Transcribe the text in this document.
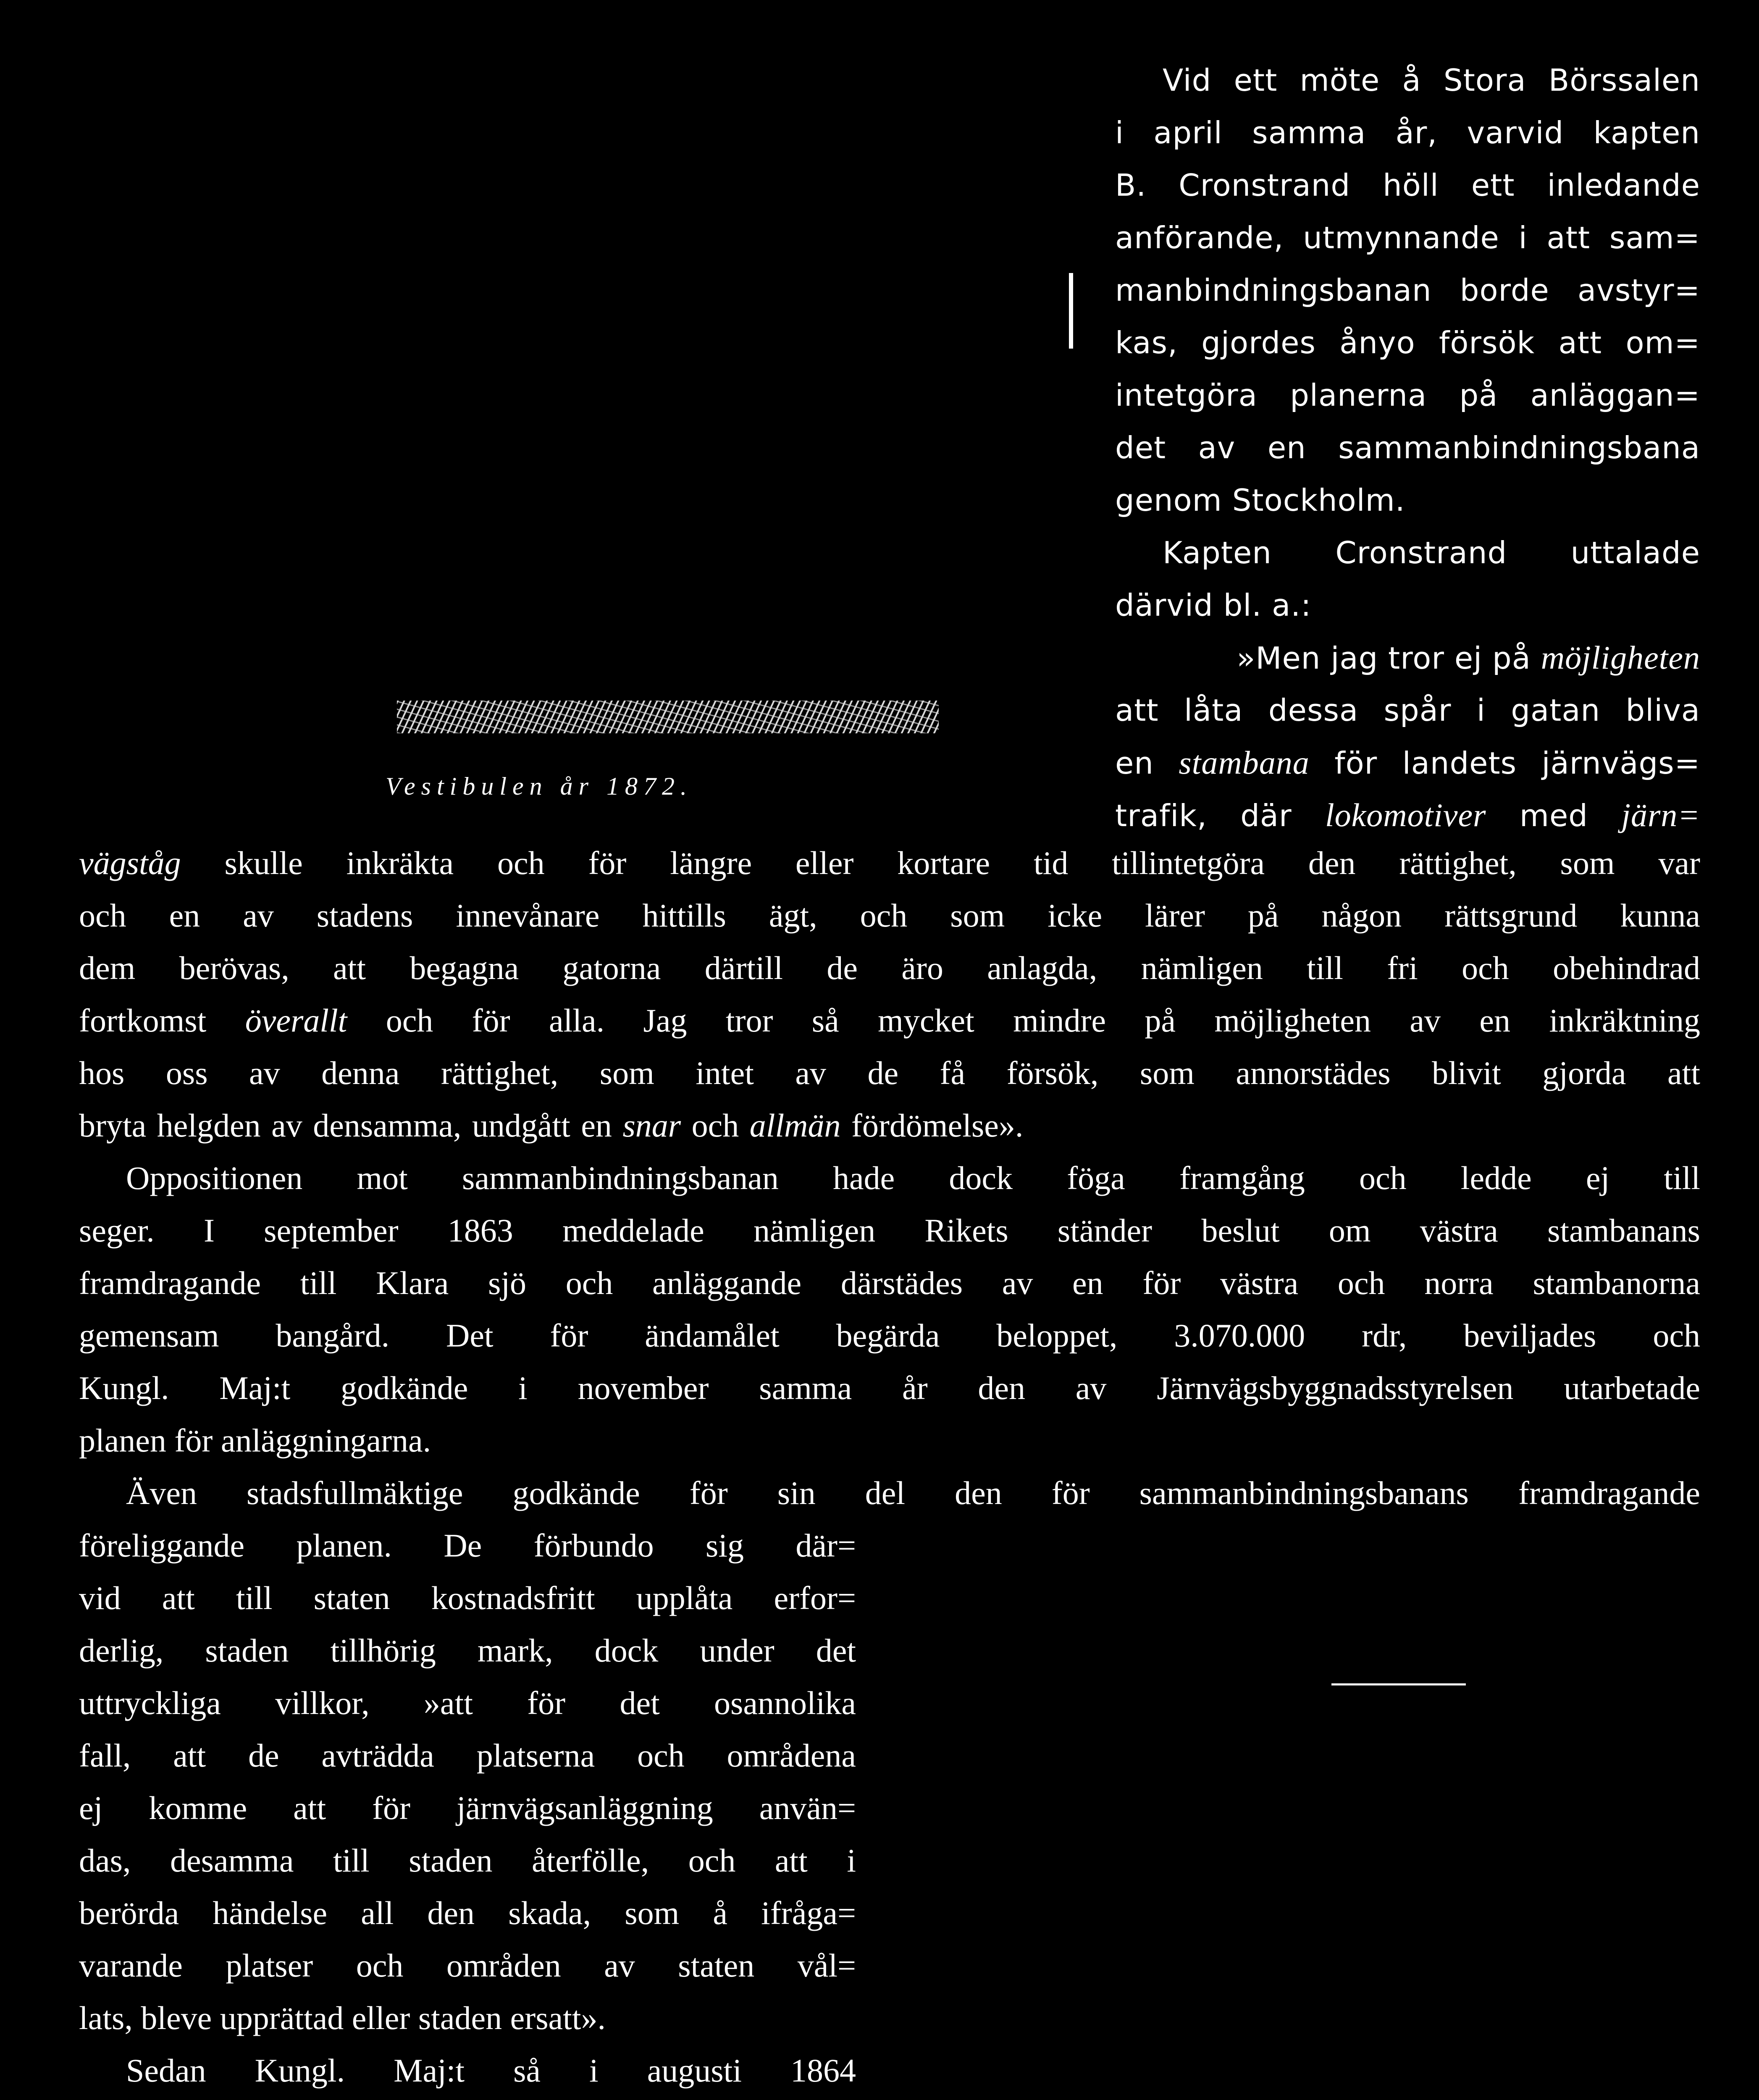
Vestibulen år 1872.
Vid ett möte å Stora Börssalen
i april samma år, varvid kapten
B. Cronstrand höll ett inledande
anförande, utmynnande i att sam=
manbindningsbanan borde avstyr=
kas, gjordes ånyo försök att om=
intetgöra planerna på anläggan=
det av en sammanbindningsbana
genom Stockholm.
Kapten Cronstrand uttalade
därvid bl. a.:
»Men jag tror ej på möjligheten
att låta dessa spår i gatan bliva
en stambana för landets järnvägs=
trafik, där lokomotiver med järn=
vägståg skulle inkräkta och för längre eller kortare tid tillintetgöra den rättighet, som var
och en av stadens innevånare hittills ägt, och som icke lärer på någon rättsgrund kunna
dem berövas, att begagna gatorna därtill de äro anlagda, nämligen till fri och obehindrad
fortkomst överallt och för alla. Jag tror så mycket mindre på möjligheten av en inkräktning
hos oss av denna rättighet, som intet av de få försök, som annorstädes blivit gjorda att
bryta helgden av densamma, undgått en snar och allmän fördömelse».
Oppositionen mot sammanbindningsbanan hade dock föga framgång och ledde ej till
seger. I september 1863 meddelade nämligen Rikets ständer beslut om västra stambanans
framdragande till Klara sjö och anläggande därstädes av en för västra och norra stambanorna
gemensam bangård. Det för ändamålet begärda beloppet, 3.070.000 rdr, beviljades och
Kungl. Maj:t godkände i november samma år den av Järnvägsbyggnadsstyrelsen utarbetade
planen för anläggningarna.
Även stadsfullmäktige godkände för sin del den för sammanbindningsbanans framdragande
föreliggande planen. De förbundo sig där=
vid att till staten kostnadsfritt upplåta erfor=
derlig, staden tillhörig mark, dock under det
uttryckliga villkor, »att för det osannolika
fall, att de avträdda platserna och områdena
ej komme att för järnvägsanläggning använ=
das, desamma till staden återfölle, och att i
berörda händelse all den skada, som å ifråga=
varande platser och områden av staten vål=
lats, bleve upprättad eller staden ersatt».
Sedan Kungl. Maj:t så i augusti 1864
